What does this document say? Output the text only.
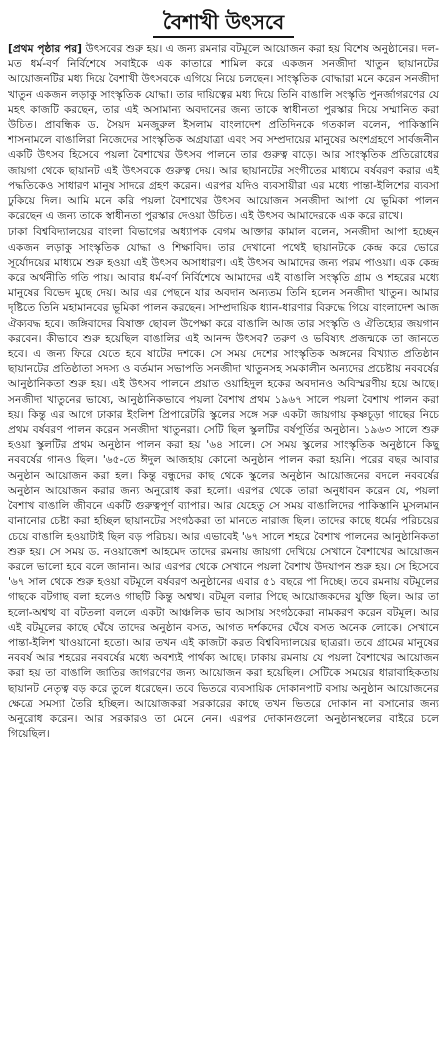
বৈশাখী উৎসবে

[প্রথম পৃষ্ঠার পর] উৎসবের শুরু হয়। এ জন্য রমনার বটমূলে আয়োজন করা হয় বিশেষ অনুষ্ঠানের। দল-মত ধর্ম-বর্ণ নির্বিশেষে সবাইকে এক কাতারে শামিল করে একজন সনজীদা খাতুন ছায়ানটের আয়োজনটির মধ্য দিয়ে বৈশাখী উৎসবকে এগিয়ে নিয়ে চলছেন। সাংস্কৃতিক বোদ্ধারা মনে করেন সনজীদা খাতুন একজন লড়াকু সাংস্কৃতিক যোদ্ধা। তার দায়িত্বের মধ্য দিয়ে তিনি বাঙালি সংস্কৃতি পুনর্জাগরণের যে মহৎ কাজটি করছেন, তার এই অসামান্য অবদানের জন্য তাকে স্বাধীনতা পুরস্কার দিয়ে সম্মানিত করা উচিত। প্রাবন্ধিক ড. সৈয়দ মনজুরুল ইসলাম বাংলাদেশ প্রতিদিনকে গতকাল বলেন, পাকিস্তানি শাসনামলে বাঙালিরা নিজেদের সাংস্কৃতিক অগ্রযাত্রা এবং সব সম্প্রদায়ের মানুষের অংশগ্রহণে সার্বজনীন একটি উৎসব হিসেবে পয়লা বৈশাখের উৎসব পালনে তার গুরুত্ব বাড়ে। আর সাংস্কৃতিক প্রতিরোধের জায়গা থেকে ছায়ানট এই উৎসবকে গুরুত্ব দেয়। আর ছায়ানটের সংগীতের মাধ্যমে বর্ষবরণ করার এই পদ্ধতিকেও সাধারণ মানুষ সাদরে গ্রহণ করেন। এরপর যদিও ব্যবসায়ীরা এর মধ্যে পান্তা-ইলিশের ব্যবসা ঢুকিয়ে দিল। আমি মনে করি পয়লা বৈশাখের উৎসব আয়োজন সনজীদা আপা যে ভূমিকা পালন করেছেন এ জন্য তাকে স্বাধীনতা পুরস্কার দেওয়া উচিত। এই উৎসব আমাদেরকে এক করে রাখে।

ঢাকা বিশ্ববিদ্যালয়ের বাংলা বিভাগের অধ্যাপক বেগম আক্তার কামাল বলেন, সনজীদা আপা হচ্ছেন একজন লড়াকু সাংস্কৃতিক যোদ্ধা ও শিক্ষাবিদ। তার দেখানো পথেই ছায়ানটকে কেন্দ্র করে ভোরে সূর্যোদয়ের মাধ্যমে শুরু হওয়া এই উৎসব অসাধারণ। এই উৎসব আমাদের জন্য পরম পাওয়া। এক কেন্দ্র করে অর্থনীতি গতি পায়। আবার ধর্ম-বর্ণ নির্বিশেষে আমাদের এই বাঙালি সংস্কৃতি গ্রাম ও শহরের মধ্যে মানুষের বিভেদ মুছে দেয়। আর এর পেছনে যার অবদান অন্যতম তিনি হলেন সনজীদা খাতুন। আমার দৃষ্টিতে তিনি মহামানবের ভূমিকা পালন করছেন। সাম্প্রদায়িক ধ্যান-ধারণার বিরুদ্ধে গিয়ে বাংলাদেশ আজ ঐক্যবদ্ধ হবে। জঙ্গিবাদের বিষাক্ত ছোবল উপেক্ষা করে বাঙালি আজ তার সংস্কৃতি ও ঐতিহ্যের জয়গান করবেন। কীভাবে শুরু হয়েছিল বাঙালির এই আনন্দ উৎসব? তরুণ ও ভবিষ্যৎ প্রজন্মকে তা জানতে হবে। এ জন্য ফিরে যেতে হবে ষাটের দশকে। সে সময় দেশের সাংস্কৃতিক অঙ্গনের বিখ্যাত প্রতিষ্ঠান ছায়ানটের প্রতিষ্ঠাতা সদস্য ও বর্তমান সভাপতি সনজীদা খাতুনসহ সমকালীন অন্যদের প্রচেষ্টায় নববর্ষের আনুষ্ঠানিকতা শুরু হয়। এই উৎসব পালনে প্রয়াত ওয়াহিদুল হকের অবদানও অবিস্মরণীয় হয়ে আছে। সনজীদা খাতুনের ভাষ্যে, আনুষ্ঠানিকভাবে পয়লা বৈশাখ প্রথম ১৯৬৭ সালে পয়লা বৈশাখ পালন করা হয়। কিন্তু এর আগে ঢাকার ইংলিশ প্রিপারেটরি স্কুলের সঙ্গে সরু একটা জায়গায় কৃষ্ণচূড়া গাছের নিচে প্রথম বর্ষবরণ পালন করেন সনজীদা খাতুনরা। সেটি ছিল স্কুলটির বর্ষপূর্তির অনুষ্ঠান। ১৯৬৩ সালে শুরু হওয়া স্কুলটির প্রথম অনুষ্ঠান পালন করা হয় '৬৪ সালে। সে সময় স্কুলের সাংস্কৃতিক অনুষ্ঠানে কিছু নববর্ষের গানও ছিল। '৬৫-তে ঈদুল আজহায় কোনো অনুষ্ঠান পালন করা হয়নি। পরের বছর আবার অনুষ্ঠান আয়োজন করা হল। কিন্তু বন্ধুদের কাছ থেকে স্কুলের অনুষ্ঠান আয়োজনের বদলে নববর্ষের অনুষ্ঠান আয়োজন করার জন্য অনুরোধ করা হলো। এরপর থেকে তারা অনুধাবন করেন যে, পয়লা বৈশাখ বাঙালি জীবনে একটি গুরুত্বপূর্ণ ব্যাপার। আর যেহেতু সে সময় বাঙালিদের পাকিস্তানি মুসলমান বানানোর চেষ্টা করা হচ্ছিল ছায়ানটের সংগঠকরা তা মানতে নারাজ ছিল। তাদের কাছে ধর্মের পরিচয়ের চেয়ে বাঙালি হওয়াটাই ছিল বড় পরিচয়। আর এভাবেই '৬৭ সালে শহরে বৈশাখ পালনের আনুষ্ঠানিকতা শুরু হয়। সে সময় ড. নওয়াজেশ আহমেদ তাদের রমনায় জায়গা দেখিয়ে সেখানে বৈশাখের আয়োজন করলে ভালো হবে বলে জানান। আর এরপর থেকে সেখানে পয়লা বৈশাখ উদযাপন শুরু হয়। সে হিসেবে '৬৭ সাল থেকে শুরু হওয়া বটমূলে বর্ষবরণ অনুষ্ঠানের এবার ৫১ বছরে পা দিচ্ছে। তবে রমনায় বটমূলের গাছকে বটগাছ বলা হলেও গাছটি কিন্তু অশ্বত্থ। বটমূল বলার পিছে আয়োজকদের যুক্তি ছিল। আর তা হলো-অশ্বত্থ বা বটতলা বললে একটা আঞ্চলিক ভাব আসায় সংগঠকেরা নামকরণ করেন বটমূল। আর এই বটমূলের কাছে ঘেঁষে তাদের অনুষ্ঠান বসত, আগত দর্শকদের ঘেঁষে বসত অনেক লোকে। সেখানে পান্তা-ইলিশ খাওয়ানো হতো। আর তখন এই কাজটা করত বিশ্ববিদ্যালয়ের ছাত্ররা। তবে গ্রামের মানুষের নববর্ষ আর শহরের নববর্ষের মধ্যে অবশ্যই পার্থক্য আছে। ঢাকায় রমনায় যে পয়লা বৈশাখের আয়োজন করা হয় তা বাঙালি জাতির জাগরণের জন্য আয়োজন করা হয়েছিল। সেটিকে সময়ের ধারাবাহিকতায় ছায়ানট নেতৃত্ব বড় করে তুলে ধরেছেন। তবে ভিতরে ব্যবসায়িক দোকানপাট বসায় অনুষ্ঠান আয়োজনের ক্ষেত্রে সমস্যা তৈরি হচ্ছিল। আয়োজকরা সরকারের কাছে তখন ভিতরে দোকান না বসানোর জন্য অনুরোধ করেন। আর সরকারও তা মেনে নেন। এরপর দোকানগুলো অনুষ্ঠানস্থলের বাইরে চলে গিয়েছিল।
